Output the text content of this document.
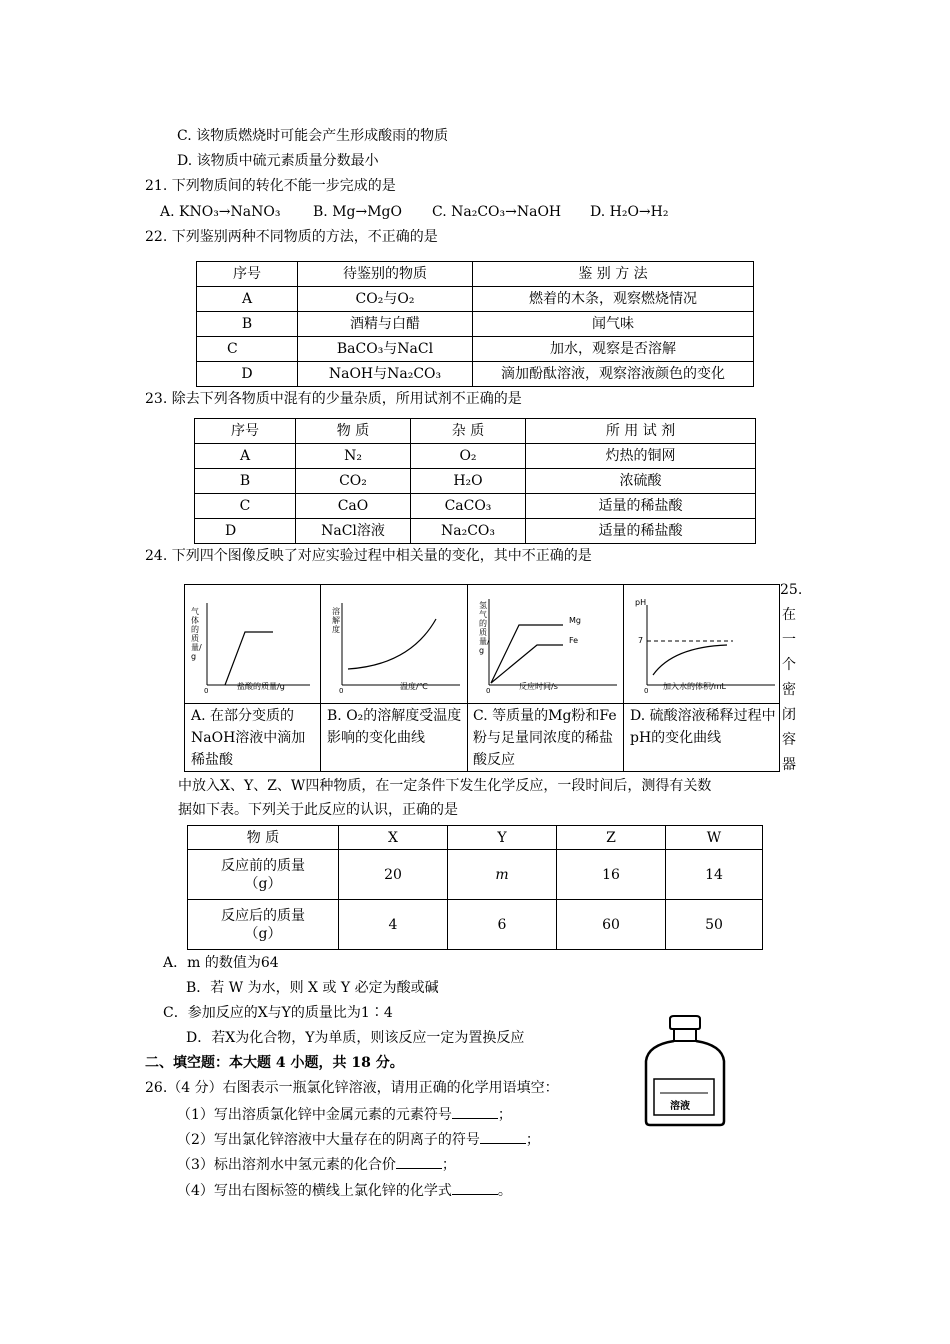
C. 该物质燃烧时可能会产生形成酸雨的物质
D. 该物质中硫元素质量分数最小
21. 下列物质间的转化不能一步完成的是
A. KNO₃→NaNO₃ B. Mg→MgO C. Na₂CO₃→NaOH D. H₂O→H₂
22. 下列鉴别两种不同物质的方法，不正确的是
序号	待鉴别的物质	鉴 别 方 法
A	CO₂与O₂	燃着的木条，观察燃烧情况
B	酒精与白醋	闻气味
C	BaCO₃与NaCl	加水，观察是否溶解
D	NaOH与Na₂CO₃	滴加酚酞溶液，观察溶液颜色的变化
23. 除去下列各物质中混有的少量杂质，所用试剂不正确的是
序号	物 质	杂 质	所 用 试 剂
A	N₂	O₂	灼热的铜网
B	CO₂	H₂O	浓硫酸
C	CaO	CaCO₃	适量的稀盐酸
D	NaCl溶液	Na₂CO₃	适量的稀盐酸
24. 下列四个图像反映了对应实验过程中相关量的变化，其中不正确的是
0	盐酸的质量/g
气体的质量/g
0	温度/℃
溶解度
Mg
Fe
0	反应时间/s
氢气的质量/g
pH
7
0 加入水的体积/mL
A. 在部分变质的NaOH溶液中滴加稀盐酸
B. O₂的溶解度受温度影响的变化曲线
C. 等质量的Mg粉和Fe粉与足量同浓度的稀盐酸反应
D. 硫酸溶液稀释过程中pH的变化曲线
25.
在
一
个
密
闭
容
器
中放入X、Y、Z、W四种物质，在一定条件下发生化学反应，一段时间后，测得有关数
据如下表。下列关于此反应的认识，正确的是
物 质	X	Y	Z	W

反应前的质量
（g）	20	m	16	14

反应后的质量
（g）	4	6	60	50
A．m 的数值为64
B．若 W 为水，则 X 或 Y 必定为酸或碱
C．参加反应的X与Y的质量比为1∶4
D．若X为化合物，Y为单质，则该反应一定为置换反应
二、填空题：本大题 4 小题，共 18 分。
26.（4 分）右图表示一瓶氯化锌溶液，请用正确的化学用语填空：
（1）写出溶质氯化锌中金属元素的元素符号	；
（2）写出氯化锌溶液中大量存在的阴离子的符号	；
（3）标出溶剂水中氢元素的化合价	；
（4）写出右图标签的横线上氯化锌的化学式	。
溶液
